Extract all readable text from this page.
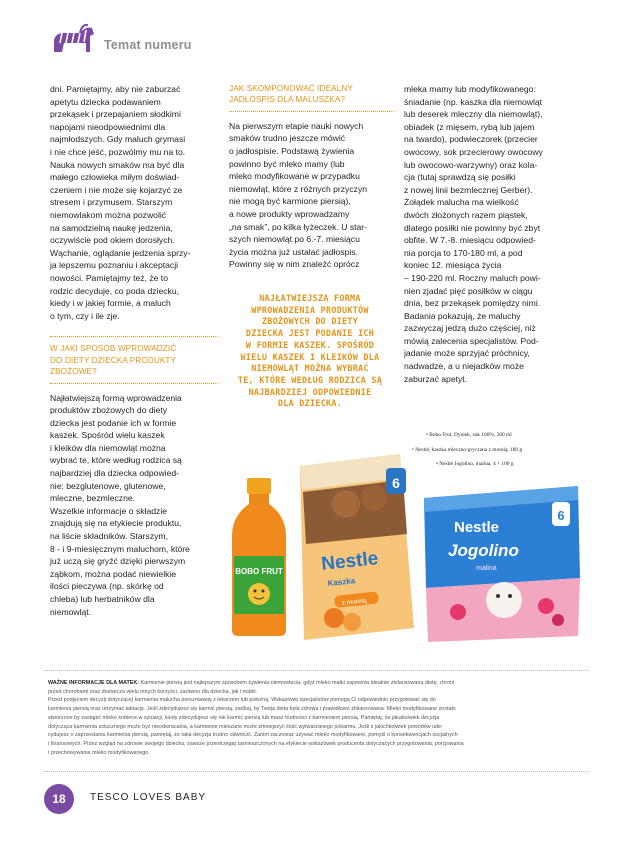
Temat numeru

dni. Pamiętajmy, aby nie zaburzać

apetytu dziecka podawaniem

przekąsek i przepajaniem słodkimi

napojami nieodpowiednimi dla

najmłodszych. Gdy maluch grymasi

i nie chce jeść, pozwólmy mu na to.

Nauka nowych smaków ma być dla

małego człowieka miłym doświad-

czeniem i nie może się kojarzyć ze

stresem i przymusem. Starszym

niemowlakom można pozwolić

na samodzielną naukę jedzenia,

oczywiście pod okiem dorosłych.

Wąchanie, oglądanie jedzenia sprzy-

ja lepszemu poznaniu i akceptacji

nowości. Pamiętajmy też, że to

rodzic decyduje, co poda dziecku,

kiedy i w jakiej formie, a maluch

o tym, czy i ile zje.

W JAKI SPOSÓB WPROWADZIĆ

DO DIETY DZIECKA PRODUKTY

ZBOŻOWE?

Najłatwiejszą formą wprowadzenia

produktów zbożowych do diety

dziecka jest podanie ich w formie

kaszek. Spośród wielu kaszek

i kleików dla niemowląt można

wybrać te, które według rodzica są

najbardziej dla dziecka odpowied-

nie: bezglutenowe, glutenowe,

mleczne, bezmleczne.

Wszelkie informacje o składzie

znajdują się na etykiecie produktu,

na liście składników. Starszym,

8 - i 9-miesięcznym maluchom, które

już uczą się gryźć dzięki pierwszym

ząbkom, można podać niewielkie

ilości pieczywa (np. skórkę od

chleba) lub herbatników dla

niemowląt.

JAK SKOMPONOWAĆ IDEALNY

JADŁOSPIS DLA MALUSZKA?

Na pierwszym etapie nauki nowych

smaków trudno jeszcze mówić

o jadłospisie. Podstawą żywienia

powinno być mleko mamy (lub

mleko modyfikowane w przypadku

niemowląt, które z różnych przyczyn

nie mogą być karmione piersią),

a nowe produkty wprowadzamy

„na smak”, po kilka łyżeczek. U star-

szych niemowląt po 6.-7. miesiącu

życia można już ustalać jadłospis.

Powinny się w nim znaleźć oprócz

NAJŁATWIEJSZA FORMA
WPROWADZENIA PRODUKTÓW
ZBOŻOWYCH DO DIETY
DZIECKA JEST PODANIE ICH
W FORMIE KASZEK. SPOŚRÓD
WIELU KASZEK I KLEIKÓW DLA
NIEMOWLĄT MOŻNA WYBRAĆ
TE, KTÓRE WEDŁUG RODZICA SĄ
NAJBARDZIEJ ODPOWIEDNIE
DLA DZIECKA.

mleka mamy lub modyfikowanego:

śniadanie (np. kaszka dla niemowląt

lub deserek mleczny dla niemowląt),

obiadek (z mięsem, rybą lub jajem

na twardo), podwieczorek (przecier

owocowy, sok przecierowy owocowy

lub owocowo-warzywny) oraz kola-

cja (tutaj sprawdzą się posiłki

z nowej linii bezmlecznej Gerber).

Żołądek malucha ma wielkość

dwóch złożonych razem piąstek,

dlatego posiłki nie powinny być zbyt

obfite. W 7.-8. miesiącu odpowied-

nia porcja to 170-180 ml, a pod

koniec 12. miesiąca życia

– 190-220 ml. Roczny maluch powi-

nien zjadać pięć posiłków w ciągu

dnia, bez przekąsek pomiędzy nimi.

Badania pokazują, że maluchy

zazwyczaj jedzą dużo częściej, niż

mówią zalecenia specjalistów. Pod-

jadanie może sprzyjać próchnicy,

nadwadze, a u niejadków może

zaburzać apetyt.

• Bobo Frut, Dyniek, sok 100%, 300 ml
• Nestlé, kaszka mleczno-gryczana z morelą, 180 g
• Nestlé Jogolino, malina, 4 × 100 g
BOBO FRUT Nestle
Kaszka
z morelą
6
Nestle
Jogolino
malina
6
WAŻNE INFORMACJE DLA MATEK: Karmienie piersią jest najlepszym sposobem żywienia niemowlęcia, gdyż mleko matki zapewnia idealnie zbilansowaną dietę, chroni
przed chorobami oraz dostarcza wielu innych korzyści, zarówno dla dziecka, jak i matki.
Przed podjęciem decyzji dotyczącej karmienia malucha porozmawiaj z lekarzem lub położną. Wskazówki specjalistów pomogą Ci odpowiednio przygotować się do
karmienia piersią oraz utrzymać laktację. Jeśli zdecydujesz się karmić piersią, zadbaj, by Twoja dieta była zdrowa i prawidłowo zbilansowana. Mleko modyfikowane zostało
stworzone by zastąpić mleko kobiece w sytuacji, kiedy zdecydujesz się nie karmić piersią lub masz trudności z karmieniem piersią. Pamiętaj, że jakakolwiek decyzja
dotycząca karmienia sztucznego może być nieodwracalna, a karmienie mieszane może zmniejszyć ilość wytwarzanego pokarmu. Jeśli z jakichkolwiek powodów ude-
cydujesz o zaprzestaniu karmienia piersią, pamiętaj, że taka decyzja trudno odwrócić. Zanim zaczniesz używać mleko modyfikowane, pomyśl o konsekwencjach socjalnych
i finansowych. Przez wzgląd na zdrowie swojego dziecka, zawsze przestrzegaj zamieszczonych na etykiecie wskazówek producenta dotyczących przygotowania, porcjowania
i przechowywania mleko modyfikowanego.
18	TESCO LOVES BABY
